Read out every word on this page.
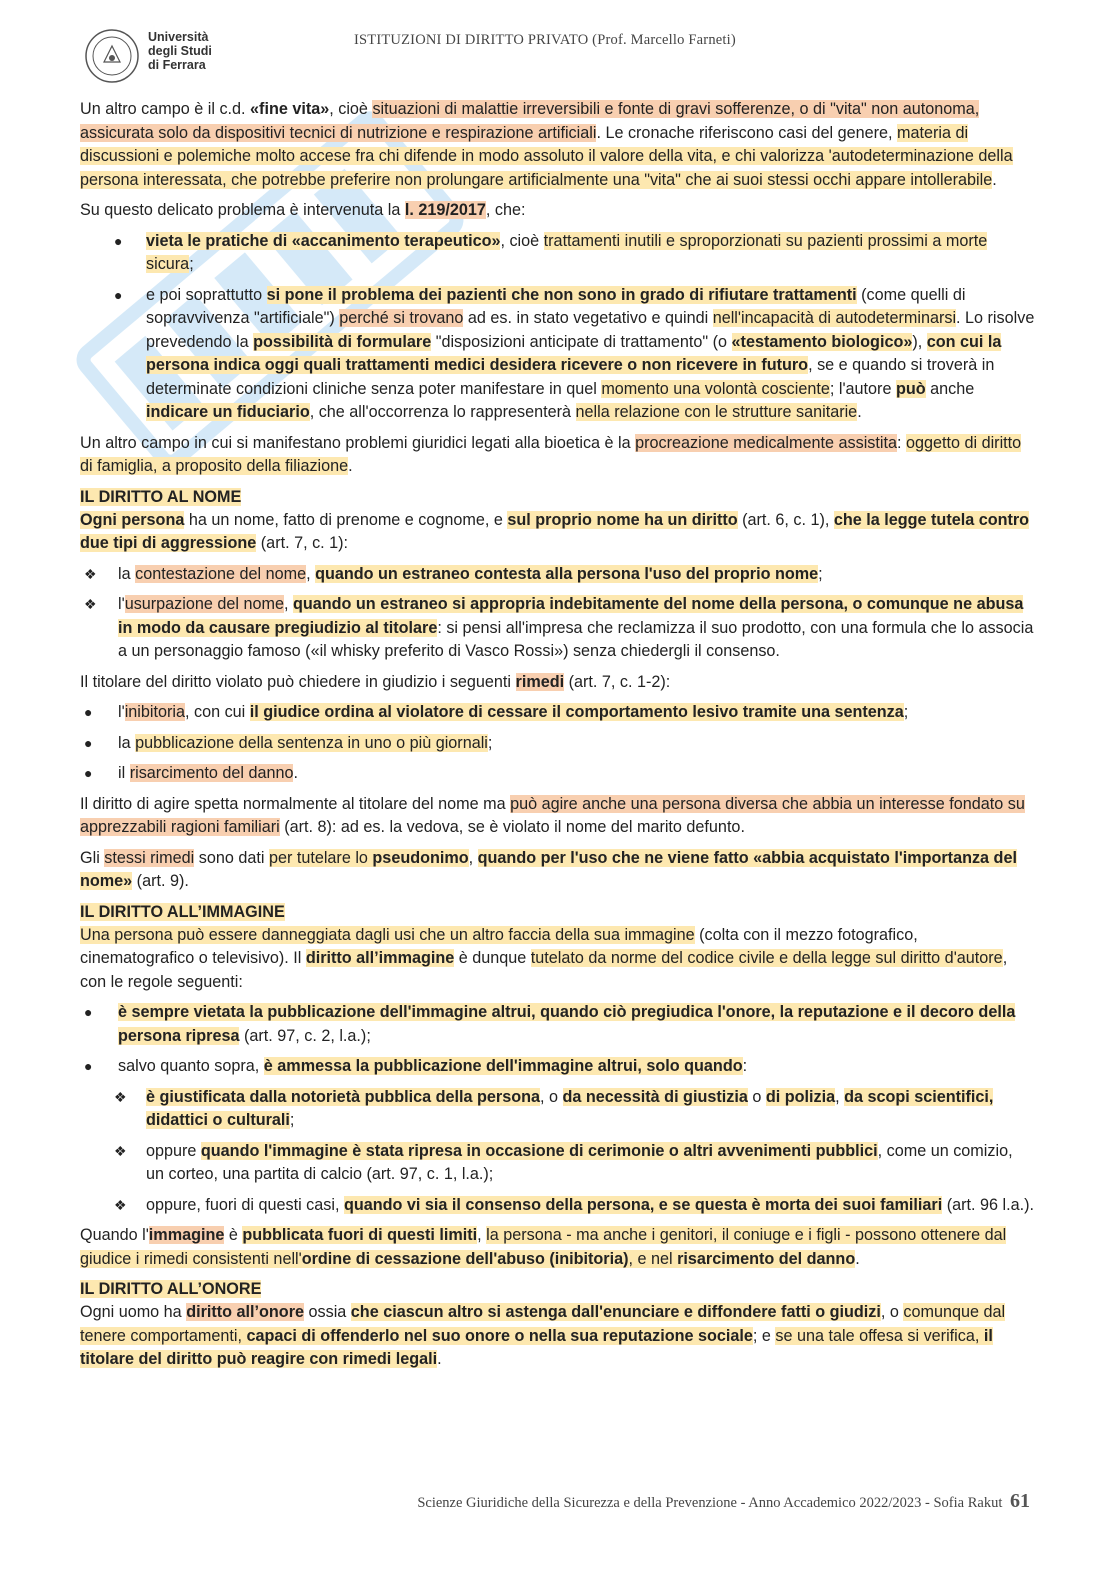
Università
degli Studi
di Ferrara
ISTITUZIONI DI DIRITTO PRIVATO (Prof. Marcello Farneti)

Un altro campo è il c.d. «fine vita», cioè situazioni di malattie irreversibili e fonte di gravi sofferenze, o di "vita" non autonoma, assicurata solo da dispositivi tecnici di nutrizione e respirazione artificiali. Le cronache riferiscono casi del genere, materia di discussioni e polemiche molto accese fra chi difende in modo assoluto il valore della vita, e chi valorizza 'autodeterminazione della persona interessata, che potrebbe preferire non prolungare artificialmente una "vita" che ai suoi stessi occhi appare intollerabile.

Su questo delicato problema è intervenuta la l. 219/2017, che:

●	vieta le pratiche di «accanimento terapeutico», cioè trattamenti inutili e sproporzionati su pazienti prossimi a morte sicura;
●	e poi soprattutto si pone il problema dei pazienti che non sono in grado di rifiutare trattamenti (come quelli di sopravvivenza "artificiale") perché si trovano ad es. in stato vegetativo e quindi nell'incapacità di autodeterminarsi. Lo risolve prevedendo la possibilità di formulare "disposizioni anticipate di trattamento" (o «testamento biologico»), con cui la persona indica oggi quali trattamenti medici desidera ricevere o non ricevere in futuro, se e quando si troverà in determinate condizioni cliniche senza poter manifestare in quel momento una volontà cosciente; l'autore può anche indicare un fiduciario, che all'occorrenza lo rappresenterà nella relazione con le strutture sanitarie.

Un altro campo in cui si manifestano problemi giuridici legati alla bioetica è la procreazione medicalmente assistita: oggetto di diritto di famiglia, a proposito della filiazione.

IL DIRITTO AL NOME

Ogni persona ha un nome, fatto di prenome e cognome, e sul proprio nome ha un diritto (art. 6, c. 1), che la legge tutela contro due tipi di aggressione (art. 7, c. 1):

❖	la contestazione del nome, quando un estraneo contesta alla persona l'uso del proprio nome;
❖	l'usurpazione del nome, quando un estraneo si appropria indebitamente del nome della persona, o comunque ne abusa in modo da causare pregiudizio al titolare: si pensi all'impresa che reclamizza il suo prodotto, con una formula che lo associa a un personaggio famoso («il whisky preferito di Vasco Rossi») senza chiedergli il consenso.

Il titolare del diritto violato può chiedere in giudizio i seguenti rimedi (art. 7, c. 1-2):

●	l'inibitoria, con cui il giudice ordina al violatore di cessare il comportamento lesivo tramite una sentenza;
●	la pubblicazione della sentenza in uno o più giornali;
●	il risarcimento del danno.

Il diritto di agire spetta normalmente al titolare del nome ma può agire anche una persona diversa che abbia un interesse fondato su apprezzabili ragioni familiari (art. 8): ad es. la vedova, se è violato il nome del marito defunto.

Gli stessi rimedi sono dati per tutelare lo pseudonimo, quando per l'uso che ne viene fatto «abbia acquistato l'importanza del nome» (art. 9).

IL DIRITTO ALL’IMMAGINE

Una persona può essere danneggiata dagli usi che un altro faccia della sua immagine (colta con il mezzo fotografico, cinematografico o televisivo). Il diritto all’immagine è dunque tutelato da norme del codice civile e della legge sul diritto d'autore, con le regole seguenti:

●	è sempre vietata la pubblicazione dell'immagine altrui, quando ciò pregiudica l'onore, la reputazione e il decoro della persona ripresa (art. 97, c. 2, l.a.);
●	salvo quanto sopra, è ammessa la pubblicazione dell'immagine altrui, solo quando:
❖	è giustificata dalla notorietà pubblica della persona, o da necessità di giustizia o di polizia, da scopi scientifici, didattici o culturali;
❖	oppure quando l'immagine è stata ripresa in occasione di cerimonie o altri avvenimenti pubblici, come un comizio, un corteo, una partita di calcio (art. 97, c. 1, l.a.);
❖	oppure, fuori di questi casi, quando vi sia il consenso della persona, e se questa è morta dei suoi familiari (art. 96 l.a.).

Quando l'immagine è pubblicata fuori di questi limiti, la persona - ma anche i genitori, il coniuge e i figli - possono ottenere dal giudice i rimedi consistenti nell'ordine di cessazione dell'abuso (inibitoria), e nel risarcimento del danno.

IL DIRITTO ALL’ONORE

Ogni uomo ha diritto all’onore ossia che ciascun altro si astenga dall'enunciare e diffondere fatti o giudizi, o comunque dal tenere comportamenti, capaci di offenderlo nel suo onore o nella sua reputazione sociale; e se una tale offesa si verifica, il titolare del diritto può reagire con rimedi legali.

Scienze Giuridiche della Sicurezza e della Prevenzione - Anno Accademico 2022/2023 - Sofia Rakut 61
